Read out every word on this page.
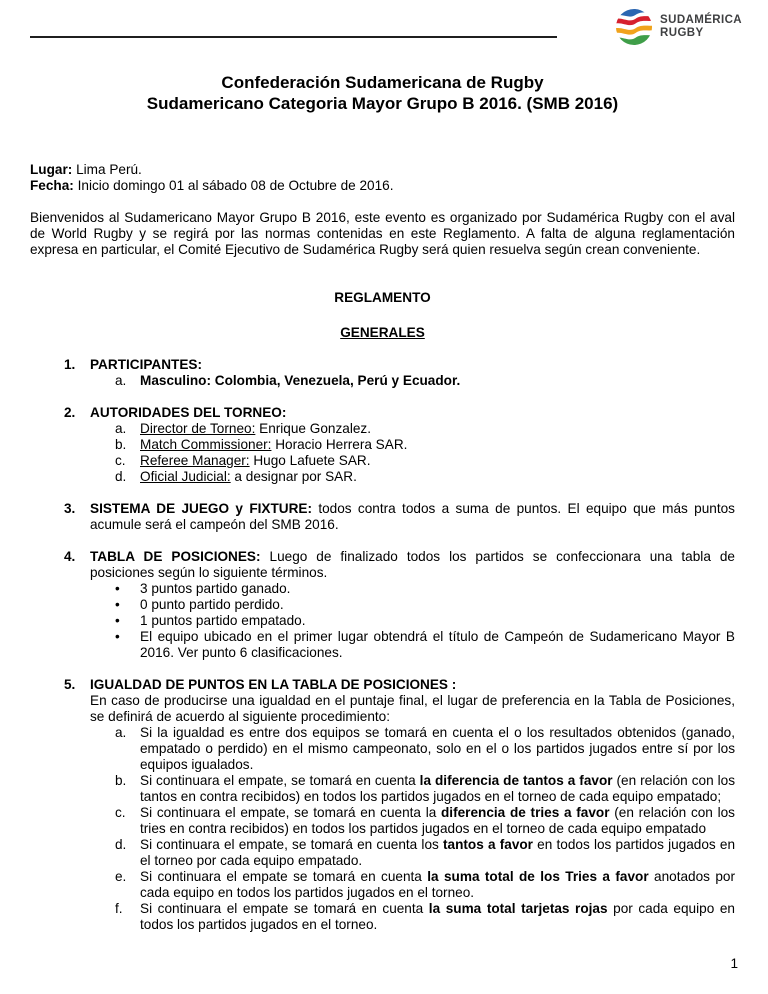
SUDAMÉRICA
RUGBY
Confederación Sudamericana de Rugby
Sudamericano Categoria Mayor Grupo B 2016. (SMB 2016)

Lugar: Lima Perú.

Fecha: Inicio domingo 01 al sábado 08 de Octubre de 2016.

Bienvenidos al Sudamericano Mayor Grupo B 2016, este evento es organizado por Sudamérica Rugby con el aval de World Rugby y se regirá por las normas contenidas en este Reglamento. A falta de alguna reglamentación expresa en particular, el Comité Ejecutivo de Sudamérica Rugby será quien resuelva según crean conveniente.

REGLAMENTO
GENERALES
1.	PARTICIPANTES:

a.	Masculino: Colombia, Venezuela, Perú y Ecuador.
2.	AUTORIDADES DEL TORNEO:

a.	Director de Torneo: Enrique Gonzalez.
b.	Match Commissioner: Horacio Herrera SAR.
c.	Referee Manager: Hugo Lafuete SAR.
d.	Oficial Judicial: a designar por SAR.
3.	SISTEMA DE JUEGO y FIXTURE: todos contra todos a suma de puntos. El equipo que más puntos acumule será el campeón del SMB 2016.

4.	TABLA DE POSICIONES: Luego de finalizado todos los partidos se confeccionara una tabla de posiciones según lo siguiente términos.

•	3 puntos partido ganado.
•	0 punto partido perdido.
•	1 puntos partido empatado.
•	El equipo ubicado en el primer lugar obtendrá el título de Campeón de Sudamericano Mayor B 2016. Ver punto 6 clasificaciones.
5.	IGUALDAD DE PUNTOS EN LA TABLA DE POSICIONES :

En caso de producirse una igualdad en el puntaje final, el lugar de preferencia en la Tabla de Posiciones, se definirá de acuerdo al siguiente procedimiento:

a.	Si la igualdad es entre dos equipos se tomará en cuenta el o los resultados obtenidos (ganado, empatado o perdido) en el mismo campeonato, solo en el o los partidos jugados entre sí por los equipos igualados.
b.	Si continuara el empate, se tomará en cuenta la diferencia de tantos a favor (en relación con los tantos en contra recibidos) en todos los partidos jugados en el torneo de cada equipo empatado;
c.	Si continuara el empate, se tomará en cuenta la diferencia de tries a favor (en relación con los tries en contra recibidos) en todos los partidos jugados en el torneo de cada equipo empatado
d.	Si continuara el empate, se tomará en cuenta los tantos a favor en todos los partidos jugados en el torneo por cada equipo empatado.
e.	Si continuara el empate se tomará en cuenta la suma total de los Tries a favor anotados por cada equipo en todos los partidos jugados en el torneo.
f.	Si continuara el empate se tomará en cuenta la suma total tarjetas rojas por cada equipo en todos los partidos jugados en el torneo.
1
